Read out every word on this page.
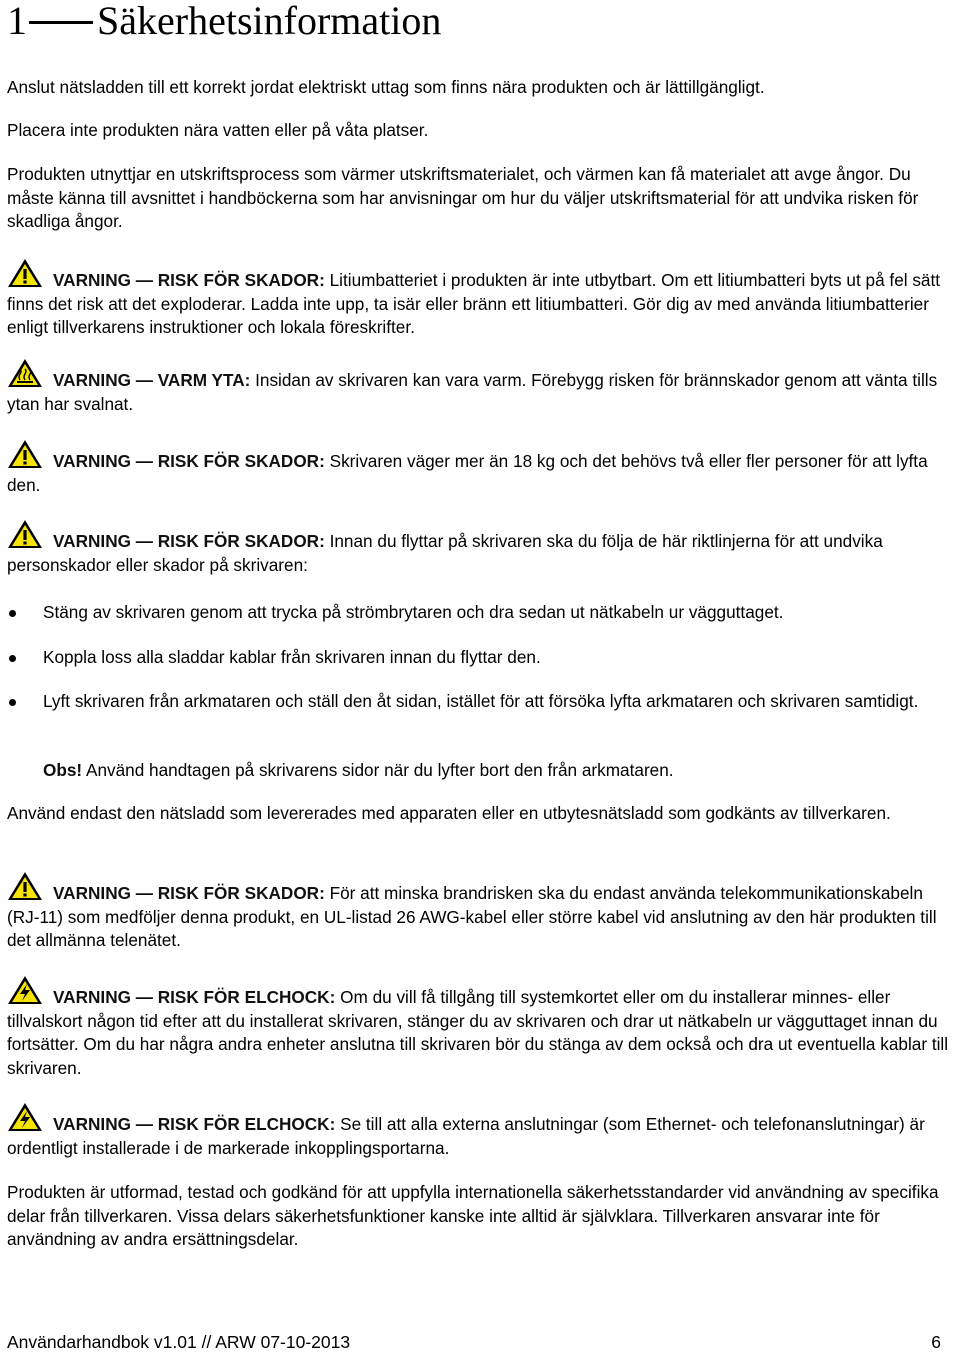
1 Säkerhetsinformation
Anslut nätsladden till ett korrekt jordat elektriskt uttag som finns nära produkten och är lättillgängligt.
Placera inte produkten nära vatten eller på våta platser.
Produkten utnyttjar en utskriftsprocess som värmer utskriftsmaterialet, och värmen kan få materialet att avge ångor. Du måste känna till avsnittet i handböckerna som har anvisningar om hur du väljer utskriftsmaterial för att undvika risken för skadliga ångor.
VARNING — RISK FÖR SKADOR: Litiumbatteriet i produkten är inte utbytbart. Om ett litiumbatteri byts ut på fel sätt finns det risk att det exploderar. Ladda inte upp, ta isär eller bränn ett litiumbatteri. Gör dig av med använda litiumbatterier enligt tillverkarens instruktioner och lokala föreskrifter.
VARNING — VARM YTA: Insidan av skrivaren kan vara varm. Förebygg risken för brännskador genom att vänta tills ytan har svalnat.
VARNING — RISK FÖR SKADOR: Skrivaren väger mer än 18 kg och det behövs två eller fler personer för att lyfta den.
VARNING — RISK FÖR SKADOR: Innan du flyttar på skrivaren ska du följa de här riktlinjerna för att undvika personskador eller skador på skrivaren:
Stäng av skrivaren genom att trycka på strömbrytaren och dra sedan ut nätkabeln ur vägguttaget.
Koppla loss alla sladdar kablar från skrivaren innan du flyttar den.
Lyft skrivaren från arkmataren och ställ den åt sidan, istället för att försöka lyfta arkmataren och skrivaren samtidigt.
Obs! Använd handtagen på skrivarens sidor när du lyfter bort den från arkmataren.
Använd endast den nätsladd som levererades med apparaten eller en utbytesnätsladd som godkänts av tillverkaren.
VARNING — RISK FÖR SKADOR: För att minska brandrisken ska du endast använda telekommunikationskabeln (RJ-11) som medföljer denna produkt, en UL-listad 26 AWG-kabel eller större kabel vid anslutning av den här produkten till det allmänna telenätet.
VARNING — RISK FÖR ELCHOCK: Om du vill få tillgång till systemkortet eller om du installerar minnes- eller tillvalskort någon tid efter att du installerat skrivaren, stänger du av skrivaren och drar ut nätkabeln ur vägguttaget innan du fortsätter. Om du har några andra enheter anslutna till skrivaren bör du stänga av dem också och dra ut eventuella kablar till skrivaren.
VARNING — RISK FÖR ELCHOCK: Se till att alla externa anslutningar (som Ethernet- och telefonanslutningar) är ordentligt installerade i de markerade inkopplingsportarna.
Produkten är utformad, testad och godkänd för att uppfylla internationella säkerhetsstandarder vid användning av specifika delar från tillverkaren. Vissa delars säkerhetsfunktioner kanske inte alltid är självklara. Tillverkaren ansvarar inte för användning av andra ersättningsdelar.
Användarhandbok v1.01 // ARW 07-10-2013	6
